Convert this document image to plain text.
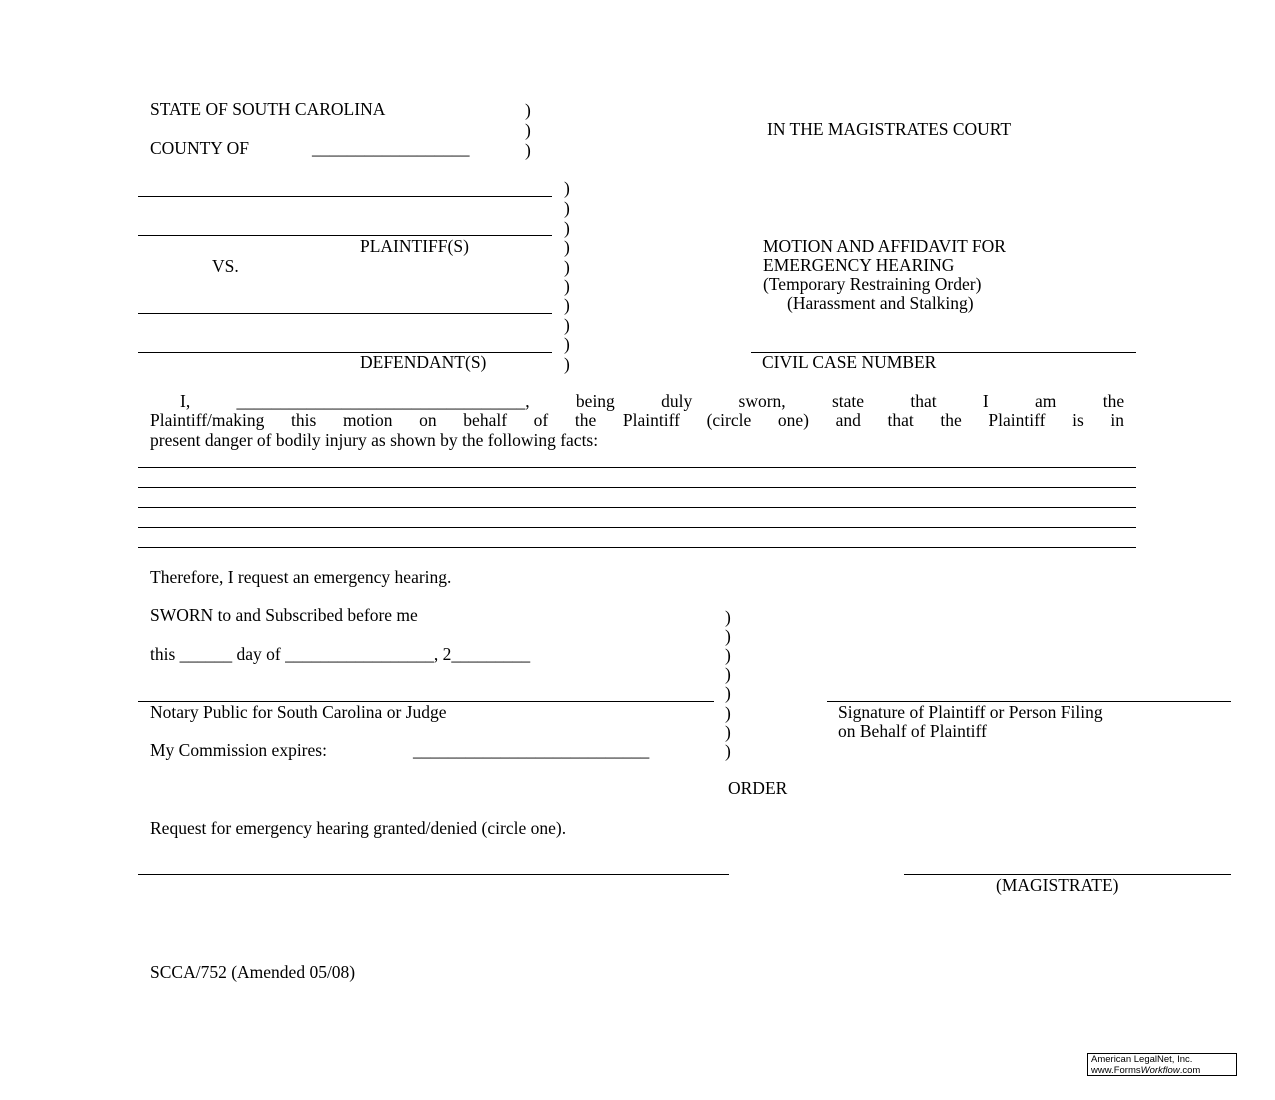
STATE OF SOUTH CAROLINA	)
)
)
COUNTY OF	__________________
IN THE MAGISTRATES COURT
PLAINTIFF(S)
VS.
DEFENDANT(S)
)
)
)
)
)
)
)
)
)
)
MOTION AND AFFIDAVIT FOR
EMERGENCY HEARING
(Temporary Restraining Order)
(Harassment and Stalking)
CIVIL CASE NUMBER
I,	_________________________________,	being	duly	sworn,	state	that	I	am	the
Plaintiff/making this motion on behalf of the Plaintiff (circle one) and that the Plaintiff is in
present danger of bodily injury as shown by the following facts:
Therefore, I request an emergency hearing.
SWORN to and Subscribed before me
this ______ day of _________________, 2_________
Notary Public for South Carolina or Judge
My Commission expires:	___________________________
)
)
)
)
)
)
)
)
Signature of Plaintiff or Person Filing
on Behalf of Plaintiff
ORDER
Request for emergency hearing granted/denied (circle one).
(MAGISTRATE)
SCCA/752 (Amended 05/08)
American LegalNet, Inc.
www.FormsWorkflow.com
